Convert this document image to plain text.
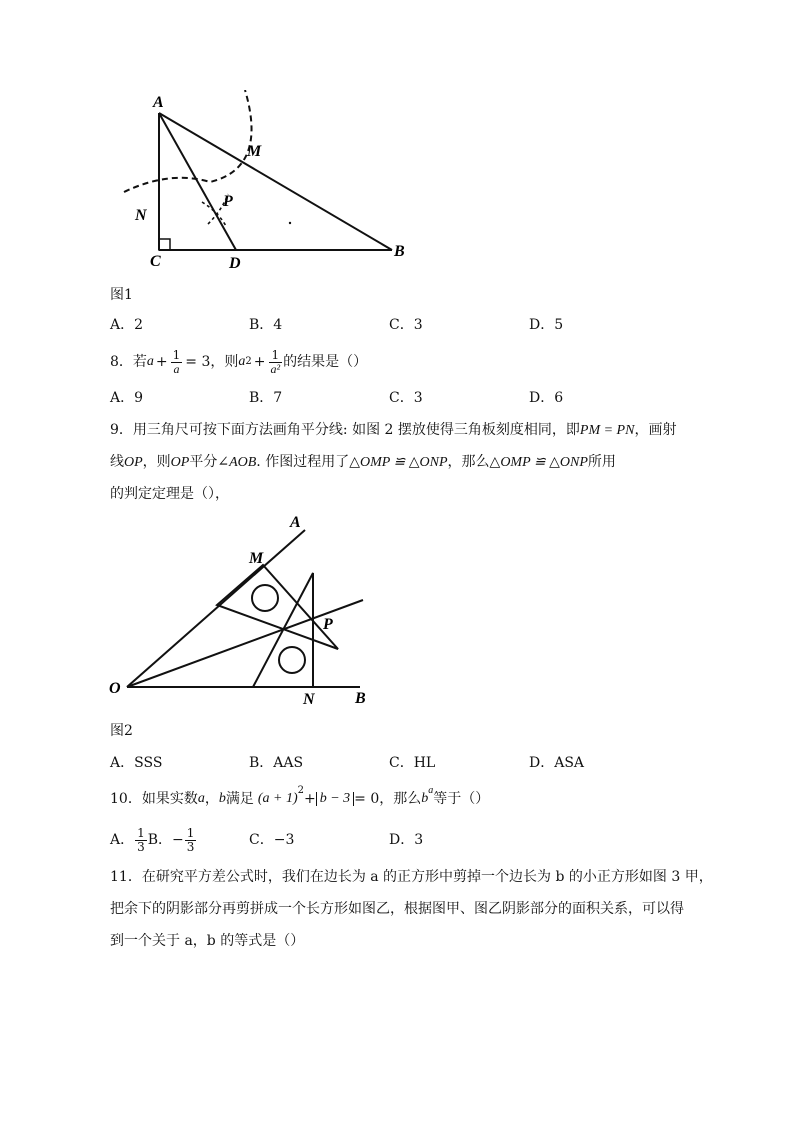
A
M
N
P
C	D
B
图1
A．2	B．4	C．3	D．5
8．若 $a + \frac{1}{a} = 3$，则 a $2 + \frac{1}{\text{a²}}$ 的结果是（）
A．9	B．7	C．3	D．6
9．用三角尺可按下面方法画角平分线: 如图 2 摆放使得三角板刻度相同，即PM = PN，画射
线OP，则OP平分∠AOB. 作图过程用了△OMP ≌ △ONP，那么△OMP ≌ △ONP所用
的判定定理是（），
A
M
P
O
N	B
图2
A．SSS	B．AAS	C．HL	D．ASA
10．如果实数 a ， b 满足 (a + 1)
$^2$
+ b − 3 = 0，那么 b
$^a$
等于（）
A． $\frac{1}{3}$ B．− $\frac{1}{3}$	C．−3	D．3
11．在研究平方差公式时，我们在边长为 a 的正方形中剪掉一个边长为 b 的小正方形如图 3 甲，
把余下的阴影部分再剪拼成一个长方形如图乙，根据图甲、图乙阴影部分的面积关系，可以得
到一个关于 a，b 的等式是（）
